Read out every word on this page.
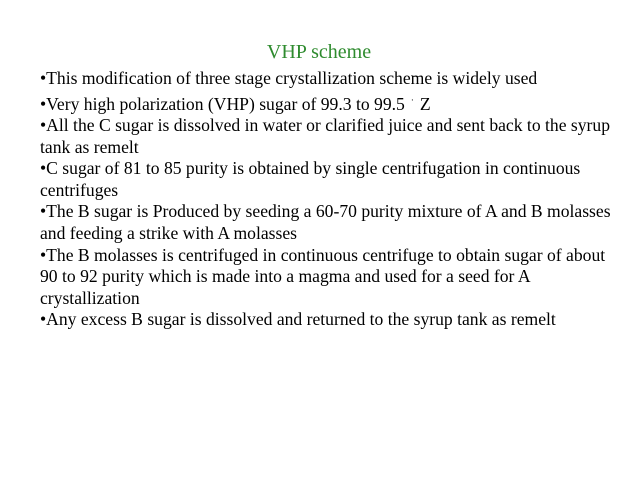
VHP scheme
•This modification of three stage crystallization scheme is widely used
•Very high polarization (VHP) sugar of 99.3 to 99.5 · Z
•All the C sugar is dissolved in water or clarified juice and sent back to the syrup tank as remelt
•C sugar of 81 to 85 purity is obtained by single centrifugation in continuous centrifuges
•The B sugar is Produced by seeding a 60-70 purity mixture of A and B molasses and feeding a strike with A molasses
•The B molasses is centrifuged in continuous centrifuge to obtain sugar of about 90 to 92 purity which is made into a magma and used for a seed for A crystallization
•Any excess B sugar is dissolved and returned to the syrup tank as remelt
